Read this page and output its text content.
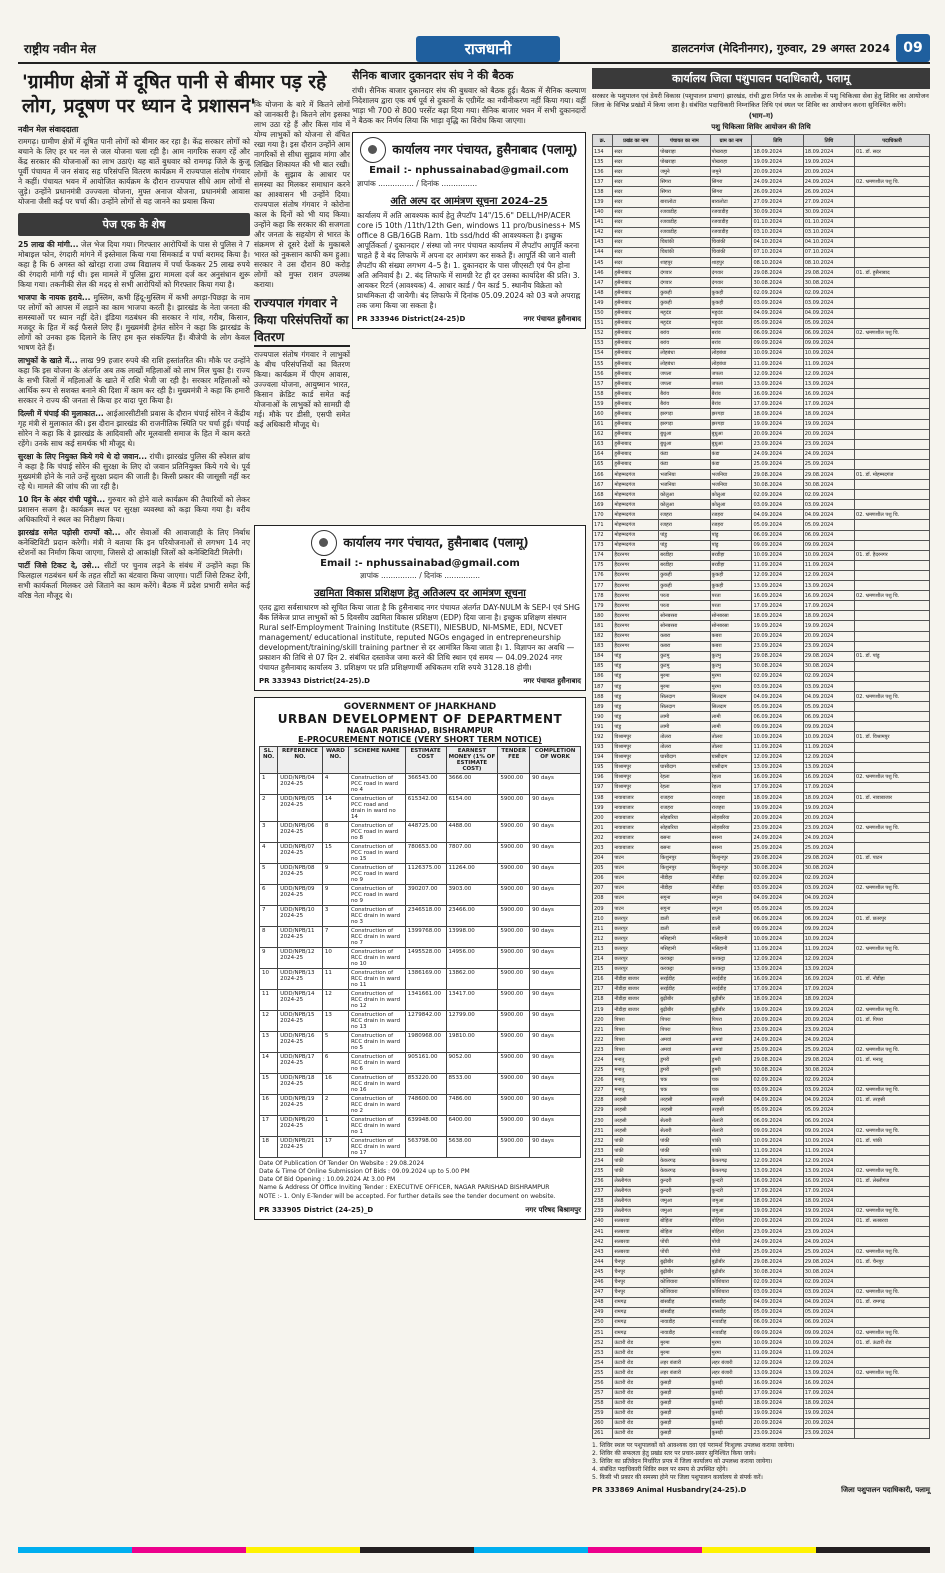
राष्ट्रीय नवीन मेल	राजधानी	डालटनगंज (मेदिनीनगर), गुरुवार, 29 अगस्त 2024 09
'ग्रामीण क्षेत्रों में दूषित पानी से बीमार पड़ रहे लोग, प्रदूषण पर ध्यान दे प्रशासन'
नवीन मेल संवाददाता

रामगढ़। ग्रामीण क्षेत्रों में दूषित पानी लोगों को बीमार कर रहा है। केंद्र सरकार लोगों को बचाने के लिए हर घर नल से जल योजना चला रही है। आम नागरिक सजग रहें और केंद्र सरकार की योजनाओं का लाभ उठाएं। यह बातें बुधवार को रामगढ़ जिले के कुजू पूर्वी पंचायत में जन संवाद सह परिसंपत्ति वितरण कार्यक्रम में राज्यपाल संतोष गंगवार ने कहीं। पंचायत भवन में आयोजित कार्यक्रम के दौरान राज्यपाल सीधे आम लोगों से जुड़े। उन्होंने प्रधानमंत्री उज्ज्वला योजना, मुफ्त अनाज योजना, प्रधानमंत्री आवास योजना जैसी कई पर चर्चा की। उन्होंने लोगों से यह जानने का प्रयास किया

पेज एक के शेष

25 लाख की मांगी... जेल भेज दिया गया। गिरफ्तार आरोपियों के पास से पुलिस ने 7 मोबाइल फोन, रंगदारी मांगने में इस्तेमाल किया गया सिमकार्ड व पर्चा बरामद किया है। कहा है कि 6 अगस्त को खोरहा राजा उच्च विद्यालय में पर्चा फेंककर 25 लाख रुपये की रंगदारी मांगी गई थी। इस मामले में पुलिस द्वारा मामला दर्ज कर अनुसंधान शुरू किया गया। तकनीकी सेल की मदद से सभी आरोपियों को गिरफ्तार किया गया है।

भाजपा के नायक हराये... मुस्लिम, कभी हिंदू-मुस्लिम में कभी अगड़ा-पिछड़ा के नाम पर लोगों को आपस में लड़ाने का काम भाजपा करती है। झारखंड के नेता जनता की समस्याओं पर ध्यान नहीं देते। इंडिया गठबंधन की सरकार ने गांव, गरीब, किसान, मजदूर के हित में कई फैसले लिए हैं। मुख्यमंत्री हेमंत सोरेन ने कहा कि झारखंड के लोगों को उनका हक दिलाने के लिए हम कृत संकल्पित हैं। बीजेपी के लोग केवल भाषण देते हैं।

लाभुकों के खाते में... लाख 99 हजार रुपये की राशि हस्तांतरित की। मौके पर उन्होंने कहा कि इस योजना के अंतर्गत अब तक लाखों महिलाओं को लाभ मिल चुका है। राज्य के सभी जिलों में महिलाओं के खाते में राशि भेजी जा रही है। सरकार महिलाओं को आर्थिक रूप से सशक्त बनाने की दिशा में काम कर रही है। मुख्यमंत्री ने कहा कि हमारी सरकार ने राज्य की जनता से किया हर वादा पूरा किया है।

दिल्ली में चंपाई की मुलाकात... आईआरसीटीसी प्रवास के दौरान चंपाई सोरेन ने केंद्रीय गृह मंत्री से मुलाकात की। इस दौरान झारखंड की राजनीतिक स्थिति पर चर्चा हुई। चंपाई सोरेन ने कहा कि वे झारखंड के आदिवासी और मूलवासी समाज के हित में काम करते रहेंगे। उनके साथ कई समर्थक भी मौजूद थे।

सुरक्षा के लिए नियुक्त किये गये थे दो जवान... रांची। झारखंड पुलिस की स्पेशल ब्रांच ने कहा है कि चंपाई सोरेन की सुरक्षा के लिए दो जवान प्रतिनियुक्त किये गये थे। पूर्व मुख्यमंत्री होने के नाते उन्हें सुरक्षा प्रदान की जाती है। किसी प्रकार की जासूसी नहीं कर रहे थे। मामले की जांच की जा रही है।

10 दिन के अंदर रांची पहुंचे... गुरुवार को होने वाले कार्यक्रम की तैयारियों को लेकर प्रशासन सजग है। कार्यक्रम स्थल पर सुरक्षा व्यवस्था को कड़ा किया गया है। वरीय अधिकारियों ने स्थल का निरीक्षण किया।

झारखंड समेत पड़ोसी राज्यों को... और सेवाओं की आवाजाही के लिए निर्बाध कनेक्टिविटी प्रदान करेगी। मंत्री ने बताया कि इन परियोजनाओं से लगभग 14 नए स्टेशनों का निर्माण किया जाएगा, जिससे दो आकांक्षी जिलों को कनेक्टिविटी मिलेगी।

पार्टी जिसे टिकट दे, उसे... सीटों पर चुनाव लड़ने के संबंध में उन्होंने कहा कि फिलहाल गठबंधन धर्म के तहत सीटों का बंटवारा किया जाएगा। पार्टी जिसे टिकट देगी, सभी कार्यकर्ता मिलकर उसे जिताने का काम करेंगे। बैठक में प्रदेश प्रभारी समेत कई वरिष्ठ नेता मौजूद थे।

कि योजना के बारे में कितने लोगों को जानकारी है। कितने लोग इसका लाभ उठा रहे हैं और किस गांव में योग्य लाभुकों को योजना से वंचित रखा गया है। इस दौरान उन्होंने आम नागरिकों से सीधा सुझाव मांगा और लिखित शिकायत की भी बात रखी। लोगों के सुझाव के आधार पर समस्या का मिलकर समाधान करने का आश्वासन भी उन्होंने दिया। राज्यपाल संतोष गंगवार ने कोरोना काल के दिनों को भी याद किया। उन्होंने कहा कि सरकार की सजगता और जनता के सहयोग से भारत के संक्रमण से दूसरे देशों के मुकाबले भारत को नुकसान काफी कम हुआ। सरकार ने उस दौरान 80 करोड़ लोगों को मुफ्त राशन उपलब्ध कराया।
राज्यपाल गंगवार ने किया परिसंपत्तियों का वितरण
राज्यपाल संतोष गंगवार ने लाभुकों के बीच परिसंपत्तियों का वितरण किया। कार्यक्रम में पीएम आवास, उज्ज्वला योजना, आयुष्मान भारत, किसान क्रेडिट कार्ड समेत कई योजनाओं के लाभुकों को सामग्री दी गई। मौके पर डीसी, एसपी समेत कई अधिकारी मौजूद थे।
सैनिक बाजार दुकानदार संघ ने की बैठक
रांची। सैनिक बाजार दुकानदार संघ की बुधवार को बैठक हुई। बैठक में सैनिक कल्याण निदेशालय द्वारा एक वर्ष पूर्व से दुकानों के एग्रीमेंट का नवीनीकरण नहीं किया गया। वहीं भाड़ा भी 700 से 800 परसेंट बढ़ा दिया गया। सैनिक बाजार भवन में सभी दुकानदारों ने बैठक कर निर्णय लिया कि भाड़ा वृद्धि का विरोध किया जाएगा।
कार्यालय नगर पंचायत, हुसैनाबाद (पलामू)
Email :- nphussainabad@gmail.com
ज्ञापांक ............... / दिनांक ...............
अति अल्प दर आमंत्रण सूचना 2024–25
कार्यालय में अति आवश्यक कार्य हेतु लैपटॉप 14"/15.6" DELL/HP/ACER core i5 10th /11th/12th Gen, windows 11 pro/business+ MS office 8 GB/16GB Ram. 1tb ssd/hdd की आवश्यकता है। इच्छुक आपूर्तिकर्ता / दुकानदार / संस्था जो नगर पंचायत कार्यालय में लैपटॉप आपूर्ति करना चाहते हैं वे बंद लिफाफे में अपना दर आमंत्रण कर सकते हैं। आपूर्ति की जाने वाली लैपटॉप की संख्या लगभग 4–5 है। 1. दुकानदार के पास जीएसटी एवं पैन होना अति अनिवार्य है। 2. बंद लिफाफे में सामग्री रेट ही दर उसका कार्यादेश की प्रति। 3. आयकर रिटर्न (आवश्यक) 4. आधार कार्ड / पैन कार्ड 5. स्थानीय विक्रेता को प्राथमिकता दी जायेगी। बंद लिफाफे में दिनांक 05.09.2024 को 03 बजे अपराह्न तक जमा किया जा सकता है।
PR 333946 District(24-25)D	नगर पंचायत हुसैनाबाद
कार्यालय नगर पंचायत, हुसैनाबाद (पलामू)
Email :- nphussainabad@gmail.com
ज्ञापांक ............... / दिनांक ...............
उद्यमिता विकास प्रशिक्षण हेतु अतिअल्प दर आमंत्रण सूचना
एतद द्वारा सर्वसाधारण को सूचित किया जाता है कि हुसैनाबाद नगर पंचायत अंतर्गत DAY-NULM के SEP-I एवं SHG बैंक लिंकेज प्राप्त लाभुकों को 5 दिवसीय उद्यमिता विकास प्रशिक्षण (EDP) दिया जाना है। इच्छुक प्रशिक्षण संस्थान Rural self-Employment Training Institute (RSETI), NIESBUD, NI-MSME, EDI, NCVET management/ educational institute, reputed NGOs engaged in entrepreneurship development/training/skill training partner से दर आमंत्रित किया जाता है। 1. विज्ञापन का अवधि — प्रकाशन की तिथि से 07 दिन 2. संबंधित दस्तावेज जमा करने की तिथि स्थान एवं समय — 04.09.2024 नगर पंचायत हुसैनाबाद कार्यालय 3. प्रशिक्षण पर प्रति प्रशिक्षणार्थी अधिकतम राशि रुपये 3128.18 होगी।
PR 333943 District(24-25).D	नगर पंचायत हुसैनाबाद
GOVERNMENT OF JHARKHAND
URBAN DEVELOPMENT OF DEPARTMENT
NAGAR PARISHAD, BISHRAMPUR
E-PROCUREMENT NOTICE (VERY SHORT TERM NOTICE)
SL. NO.	REFERENCE NO.	WARD NO.	SCHEME NAME	ESTIMATE COST	EARNEST MONEY (1% OF ESTIMATE COST)	TENDER FEE	COMPLETION OF WORK
1	UDD/NPB/04 2024-25	4	Construction of PCC road in ward no 4	366543.00	3666.00	5900.00	90 days
2	UDD/NPB/05 2024-25	14	Construction of PCC road and drain in ward no 14	615342.00	6154.00	5900.00	90 days
3	UDD/NPB/06 2024-25	8	Construction of PCC road in ward no 8	448725.00	4488.00	5900.00	90 days
4	UDD/NPB/07 2024-25	15	Construction of PCC road in ward no 15	780653.00	7807.00	5900.00	90 days
5	UDD/NPB/08 2024-25	9	Construction of PCC road in ward no 9	1126375.00	11264.00	5900.00	90 days
6	UDD/NPB/09 2024-25	9	Construction of PCC road in ward no 9	390207.00	3903.00	5900.00	90 days
7	UDD/NPB/10 2024-25	3	Construction of RCC drain in ward no 3	2346518.00	23466.00	5900.00	90 days
8	UDD/NPB/11 2024-25	7	Construction of RCC drain in ward no 7	1399768.00	13998.00	5900.00	90 days
9	UDD/NPB/12 2024-25	10	Construction of RCC drain in ward no 10	1495528.00	14956.00	5900.00	90 days
10	UDD/NPB/13 2024-25	11	Construction of RCC drain in ward no 11	1386169.00	13862.00	5900.00	90 days
11	UDD/NPB/14 2024-25	12	Construction of RCC drain in ward no 12	1341661.00	13417.00	5900.00	90 days
12	UDD/NPB/15 2024-25	13	Construction of RCC drain in ward no 13	1279842.00	12799.00	5900.00	90 days
13	UDD/NPB/16 2024-25	5	Construction of RCC drain in ward no 5	1980968.00	19810.00	5900.00	90 days
14	UDD/NPB/17 2024-25	6	Construction of RCC drain in ward no 6	905161.00	9052.00	5900.00	90 days
15	UDD/NPB/18 2024-25	16	Construction of RCC drain in ward no 16	853220.00	8533.00	5900.00	90 days
16	UDD/NPB/19 2024-25	2	Construction of RCC drain in ward no 2	748600.00	7486.00	5900.00	90 days
17	UDD/NPB/20 2024-25	1	Construction of RCC drain in ward no 1	639948.00	6400.00	5900.00	90 days
18	UDD/NPB/21 2024-25	17	Construction of RCC drain in ward no 17	563798.00	5638.00	5900.00	90 days
Date Of Publication Of Tender On Website : 29.08.2024
Date & Time Of Online Submission Of Bids : 09.09.2024 up to 5.00 PM
Date Of Bid Opening : 10.09.2024 At 3.00 PM
Name & Address Of Office Inviting Tender : EXECUTIVE OFFICER, NAGAR PARISHAD BISHRAMPUR
NOTE :- 1. Only E-Tender will be accepted. For further details see the tender document on website.
PR 333905 District (24-25)_D	नगर परिषद बिश्रामपुर
कार्यालय जिला पशुपालन पदाधिकारी, पलामू
सरकार के पशुपालन एवं डेयरी विकास (पशुपालन प्रभाग) झारखंड, रांची द्वारा निर्गत पत्र के आलोक में पशु चिकित्सा सेवा हेतु शिविर का आयोजन जिला के विभिन्न प्रखंडों में किया जाना है। संबंधित पदाधिकारी निम्नांकित तिथि एवं स्थल पर शिविर का आयोजन करना सुनिश्चित करेंगे।
(भाग–ग)
पशु चिकित्सा शिविर आयोजन की तिथि
क्र.	प्रखंड का नाम	पंचायत का नाम	ग्राम का नाम	तिथि	तिथि	पदाधिकारी
134	सदर	पोखराहा	पोखराहा	18.09.2024	18.09.2024	01. डॉ. सदर
135	सदर	पोखराहा	पोखराहा	19.09.2024	19.09.2024	
136	सदर	जमुने	जमुने	20.09.2024	20.09.2024	
137	सदर	सिंगरा	सिंगरा	24.09.2024	24.09.2024	02. भ्रमणशील पशु चि.
138	सदर	सिंगरा	सिंगरा	26.09.2024	26.09.2024	
139	सदर	बारालोटा	बारालोटा	27.09.2024	27.09.2024	
140	सदर	रजवाडीह	रजवाडीह	30.09.2024	30.09.2024	
141	सदर	रजवाडीह	रजवाडीह	01.10.2024	01.10.2024	
142	सदर	रजवाडीह	रजवाडीह	03.10.2024	03.10.2024	
143	सदर	चियांकी	चियांकी	04.10.2024	04.10.2024	
144	सदर	चियांकी	चियांकी	07.10.2024	07.10.2024	
145	सदर	शाहपुर	शाहपुर	08.10.2024	08.10.2024	
146	हुसैनाबाद	दंगवार	दंगवार	29.08.2024	29.08.2024	01. डॉ. हुसैनाबाद
147	हुसैनाबाद	दंगवार	दंगवार	30.08.2024	30.08.2024	
148	हुसैनाबाद	कुकही	कुकही	02.09.2024	02.09.2024	
149	हुसैनाबाद	कुकही	कुकही	03.09.2024	03.09.2024	
150	हुसैनाबाद	महुदंड	महुदंड	04.09.2024	04.09.2024	
151	हुसैनाबाद	महुदंड	महुदंड	05.09.2024	05.09.2024	
152	हुसैनाबाद	बरांव	बरांव	06.09.2024	06.09.2024	02. भ्रमणशील पशु चि.
153	हुसैनाबाद	बरांव	बरांव	09.09.2024	09.09.2024	
154	हुसैनाबाद	लोहबंधा	लोहबंधा	10.09.2024	10.09.2024	
155	हुसैनाबाद	लोहबंधा	लोहबंधा	11.09.2024	11.09.2024	
156	हुसैनाबाद	जपला	जपला	12.09.2024	12.09.2024	
157	हुसैनाबाद	जपला	जपला	13.09.2024	13.09.2024	
158	हुसैनाबाद	बैरांव	बैरांव	16.09.2024	16.09.2024	
159	हुसैनाबाद	बैरांव	बैरांव	17.09.2024	17.09.2024	
160	हुसैनाबाद	झरगड़ा	झरगड़ा	18.09.2024	18.09.2024	
161	हुसैनाबाद	झरगड़ा	झरगड़ा	19.09.2024	19.09.2024	
162	हुसैनाबाद	बुधुआ	बुधुआ	20.09.2024	20.09.2024	
163	हुसैनाबाद	बुधुआ	बुधुआ	23.09.2024	23.09.2024	
164	हुसैनाबाद	कंडा	कंडा	24.09.2024	24.09.2024	
165	हुसैनाबाद	कंडा	कंडा	25.09.2024	25.09.2024	
166	मोहम्मदगंज	भजनिया	भजनिया	29.08.2024	29.08.2024	01. डॉ. मोहम्मदगंज
167	मोहम्मदगंज	भजनिया	भजनिया	30.08.2024	30.08.2024	
168	मोहम्मदगंज	कोलुआ	कोलुआ	02.09.2024	02.09.2024	
169	मोहम्मदगंज	कोलुआ	कोलुआ	03.09.2024	03.09.2024	
170	मोहम्मदगंज	रजहरा	रजहरा	04.09.2024	04.09.2024	02. भ्रमणशील पशु चि.
171	मोहम्मदगंज	रजहरा	रजहरा	05.09.2024	05.09.2024	
172	मोहम्मदगंज	पांडु	पांडु	06.09.2024	06.09.2024	
173	मोहम्मदगंज	पांडु	पांडु	09.09.2024	09.09.2024	
174	हैदरनगर	बरडीहा	बरडीहा	10.09.2024	10.09.2024	01. डॉ. हैदरनगर
175	हैदरनगर	बरडीहा	बरडीहा	11.09.2024	11.09.2024	
176	हैदरनगर	कुकही	कुकही	12.09.2024	12.09.2024	
177	हैदरनगर	कुकही	कुकही	13.09.2024	13.09.2024	
178	हैदरनगर	परता	परता	16.09.2024	16.09.2024	02. भ्रमणशील पशु चि.
179	हैदरनगर	परता	परता	17.09.2024	17.09.2024	
180	हैदरनगर	सोनबरसा	सोनबरसा	18.09.2024	18.09.2024	
181	हैदरनगर	सोनबरसा	सोनबरसा	19.09.2024	19.09.2024	
182	हैदरनगर	कबरा	कबरा	20.09.2024	20.09.2024	
183	हैदरनगर	कबरा	कबरा	23.09.2024	23.09.2024	
184	पांडु	कुटमु	कुटमु	29.08.2024	29.08.2024	01. डॉ. पांडु
185	पांडु	कुटमु	कुटमु	30.08.2024	30.08.2024	
186	पांडु	मुरमा	मुरमा	02.09.2024	02.09.2024	
187	पांडु	मुरमा	मुरमा	03.09.2024	03.09.2024	
188	पांडु	सिलदाग	सिलदाग	04.09.2024	04.09.2024	02. भ्रमणशील पशु चि.
189	पांडु	सिलदाग	सिलदाग	05.09.2024	05.09.2024	
190	पांडु	लामी	लामी	06.09.2024	06.09.2024	
191	पांडु	लामी	लामी	09.09.2024	09.09.2024	
192	विश्रामपुर	तोलरा	तोलरा	10.09.2024	10.09.2024	01. डॉ. विश्रामपुर
193	विश्रामपुर	तोलरा	तोलरा	11.09.2024	11.09.2024	
194	विश्रामपुर	घासीदाग	घासीदाग	12.09.2024	12.09.2024	
195	विश्रामपुर	घासीदाग	घासीदाग	13.09.2024	13.09.2024	
196	विश्रामपुर	रेहला	रेहला	16.09.2024	16.09.2024	02. भ्रमणशील पशु चि.
197	विश्रामपुर	रेहला	रेहला	17.09.2024	17.09.2024	
198	नावाबाजार	राजहरा	राजहरा	18.09.2024	18.09.2024	01. डॉ. नावाबाजार
199	नावाबाजार	राजहरा	राजहरा	19.09.2024	19.09.2024	
200	नावाबाजार	सोहबरिया	सोहबरिया	20.09.2024	20.09.2024	
201	नावाबाजार	सोहबरिया	सोहबरिया	23.09.2024	23.09.2024	02. भ्रमणशील पशु चि.
202	नावाबाजार	बसना	बसना	24.09.2024	24.09.2024	
203	नावाबाजार	बसना	बसना	25.09.2024	25.09.2024	
204	पाटन	किशुनपुर	किशुनपुर	29.08.2024	29.08.2024	01. डॉ. पाटन
205	पाटन	किशुनपुर	किशुनपुर	30.08.2024	30.08.2024	
206	पाटन	नौडीहा	नौडीहा	02.09.2024	02.09.2024	
207	पाटन	नौडीहा	नौडीहा	03.09.2024	03.09.2024	02. भ्रमणशील पशु चि.
208	पाटन	सगुना	सगुना	04.09.2024	04.09.2024	
209	पाटन	सगुना	सगुना	05.09.2024	05.09.2024	
210	छतरपुर	डाली	डाली	06.09.2024	06.09.2024	01. डॉ. छतरपुर
211	छतरपुर	डाली	डाली	09.09.2024	09.09.2024	
212	छतरपुर	मसिहानी	मसिहानी	10.09.2024	10.09.2024	
213	छतरपुर	मसिहानी	मसिहानी	11.09.2024	11.09.2024	02. भ्रमणशील पशु चि.
214	छतरपुर	करकट्टा	करकट्टा	12.09.2024	12.09.2024	
215	छतरपुर	करकट्टा	करकट्टा	13.09.2024	13.09.2024	
216	नौडीहा बाजार	सरईडीह	सरईडीह	16.09.2024	16.09.2024	01. डॉ. नौडीहा
217	नौडीहा बाजार	सरईडीह	सरईडीह	17.09.2024	17.09.2024	
218	नौडीहा बाजार	बुढ़ीबीर	बुढ़ीबीर	18.09.2024	18.09.2024	
219	नौडीहा बाजार	बुढ़ीबीर	बुढ़ीबीर	19.09.2024	19.09.2024	02. भ्रमणशील पशु चि.
220	पिपरा	पिपरा	पिपरा	20.09.2024	20.09.2024	01. डॉ. पिपरा
221	पिपरा	पिपरा	पिपरा	23.09.2024	23.09.2024	
222	पिपरा	अमवां	अमवां	24.09.2024	24.09.2024	
223	पिपरा	अमवां	अमवां	25.09.2024	25.09.2024	02. भ्रमणशील पशु चि.
224	मनातू	डुमरी	डुमरी	29.08.2024	29.08.2024	01. डॉ. मनातू
225	मनातू	डुमरी	डुमरी	30.08.2024	30.08.2024	
226	मनातू	चक	चक	02.09.2024	02.09.2024	
227	मनातू	चक	चक	03.09.2024	03.09.2024	02. भ्रमणशील पशु चि.
228	तरहसी	तरहसी	तरहसी	04.09.2024	04.09.2024	01. डॉ. तरहसी
229	तरहसी	तरहसी	तरहसी	05.09.2024	05.09.2024	
230	तरहसी	सेलारी	सेलारी	06.09.2024	06.09.2024	
231	तरहसी	सेलारी	सेलारी	09.09.2024	09.09.2024	02. भ्रमणशील पशु चि.
232	पांकी	पांकी	पांकी	10.09.2024	10.09.2024	01. डॉ. पांकी
233	पांकी	पांकी	पांकी	11.09.2024	11.09.2024	
234	पांकी	केकरगढ़	केकरगढ़	12.09.2024	12.09.2024	
235	पांकी	केकरगढ़	केकरगढ़	13.09.2024	13.09.2024	02. भ्रमणशील पशु चि.
236	लेस्लीगंज	कुन्दरी	कुन्दरी	16.09.2024	16.09.2024	01. डॉ. लेस्लीगंज
237	लेस्लीगंज	कुन्दरी	कुन्दरी	17.09.2024	17.09.2024	
238	लेस्लीगंज	जमुआ	जमुआ	18.09.2024	18.09.2024	
239	लेस्लीगंज	जमुआ	जमुआ	19.09.2024	19.09.2024	02. भ्रमणशील पशु चि.
240	सतबरवा	बोहिता	बोहिता	20.09.2024	20.09.2024	01. डॉ. सतबरवा
241	सतबरवा	बोहिता	बोहिता	23.09.2024	23.09.2024	
242	सतबरवा	पोंची	पोंची	24.09.2024	24.09.2024	
243	सतबरवा	पोंची	पोंची	25.09.2024	25.09.2024	02. भ्रमणशील पशु चि.
244	चैनपुर	बुढ़ीबीर	बुढ़ीबीर	29.08.2024	29.08.2024	01. डॉ. चैनपुर
245	चैनपुर	बुढ़ीबीर	बुढ़ीबीर	30.08.2024	30.08.2024	
246	चैनपुर	कोशियारा	कोशियारा	02.09.2024	02.09.2024	
247	चैनपुर	कोशियारा	कोशियारा	03.09.2024	03.09.2024	02. भ्रमणशील पशु चि.
248	रामगढ़	बांसडीह	बांसडीह	04.09.2024	04.09.2024	01. डॉ. रामगढ़
249	रामगढ़	बांसडीह	बांसडीह	05.09.2024	05.09.2024	
250	रामगढ़	नावाडीह	नावाडीह	06.09.2024	06.09.2024	
251	रामगढ़	नावाडीह	नावाडीह	09.09.2024	09.09.2024	02. भ्रमणशील पशु चि.
252	ऊंटारी रोड	मुरमा	मुरमा	10.09.2024	10.09.2024	01. डॉ. ऊंटारी रोड
253	ऊंटारी रोड	मुरमा	मुरमा	11.09.2024	11.09.2024	
254	ऊंटारी रोड	लहर बंजारी	लहर बंजारी	12.09.2024	12.09.2024	
255	ऊंटारी रोड	लहर बंजारी	लहर बंजारी	13.09.2024	13.09.2024	02. भ्रमणशील पशु चि.
256	ऊंटारी रोड	कुसड़ी	कुसड़ी	16.09.2024	16.09.2024	
257	ऊंटारी रोड	कुसड़ी	कुसड़ी	17.09.2024	17.09.2024	
258	ऊंटारी रोड	कुसड़ी	कुसड़ी	18.09.2024	18.09.2024	
259	ऊंटारी रोड	कुसड़ी	कुसड़ी	19.09.2024	19.09.2024	
260	ऊंटारी रोड	कुसड़ी	कुसड़ी	20.09.2024	20.09.2024	
261	ऊंटारी रोड	कुसड़ी	कुसड़ी	23.09.2024	23.09.2024	
1. शिविर स्थल पर पशुपालकों को आवश्यक दवा एवं परामर्श निःशुल्क उपलब्ध कराया जायेगा।
2. शिविर की सफलता हेतु प्रखंड स्तर पर प्रचार-प्रसार सुनिश्चित किया जाये।
3. शिविर का प्रतिवेदन निर्धारित प्रपत्र में जिला कार्यालय को उपलब्ध कराया जायेगा।
4. संबंधित पदाधिकारी शिविर स्थल पर समय से उपस्थित रहेंगे।
5. किसी भी प्रकार की समस्या होने पर जिला पशुपालन कार्यालय से संपर्क करें।
PR 333869 Animal Husbandry(24-25).D	जिला पशुपालन पदाधिकारी, पलामू
